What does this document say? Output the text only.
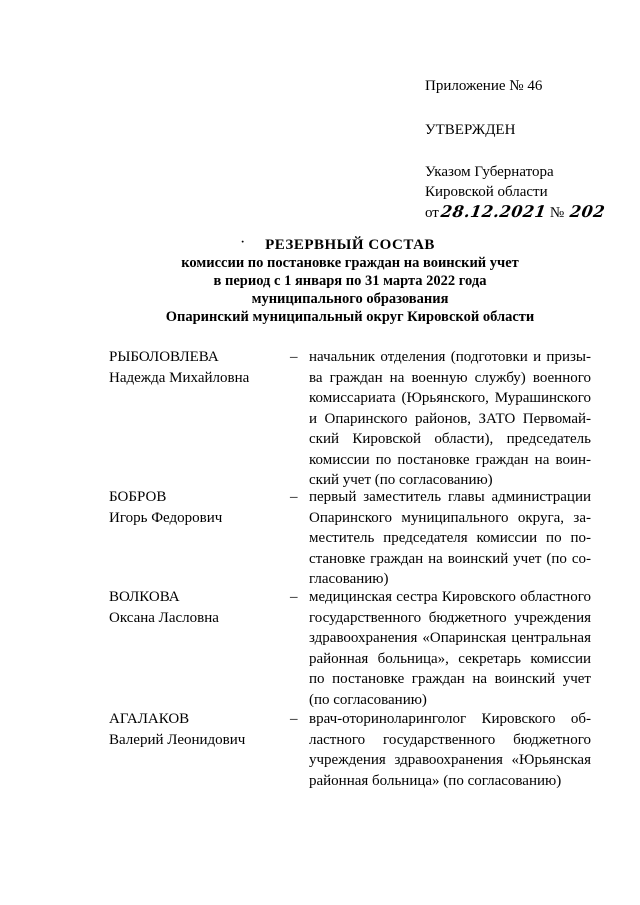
Приложение № 46
УТВЕРЖДЕН
Указом Губернатора
Кировской области
от28.12.2021 № 202
·	РЕЗЕРВНЫЙ СОСТАВ
комиссии по постановке граждан на воинский учет
в период с 1 января по 31 марта 2022 года
муниципального образования
Опаринский муниципальный округ Кировской области
РЫБОЛОВЛЕВА
Надежда Михайловна
– начальник отделения (подготовки и призы-
ва граждан на военную службу) военного
комиссариата (Юрьянского, Мурашинского
и Опаринского районов, ЗАТО Первомай-
ский Кировской области), председатель
комиссии по постановке граждан на воин-
ский учет (по согласованию)
БОБРОВ
Игорь Федорович
– первый заместитель главы администрации
Опаринского муниципального округа, за-
меститель председателя комиссии по по-
становке граждан на воинский учет (по со-
гласованию)
ВОЛКОВА
Оксана Ласловна
– медицинская сестра Кировского областного
государственного бюджетного учреждения
здравоохранения «Опаринская центральная
районная больница», секретарь комиссии
по постановке граждан на воинский учет
(по согласованию)
АГАЛАКОВ
Валерий Леонидович
– врач-оториноларинголог Кировского об-
ластного государственного бюджетного
учреждения здравоохранения «Юрьянская
районная больница» (по согласованию)
